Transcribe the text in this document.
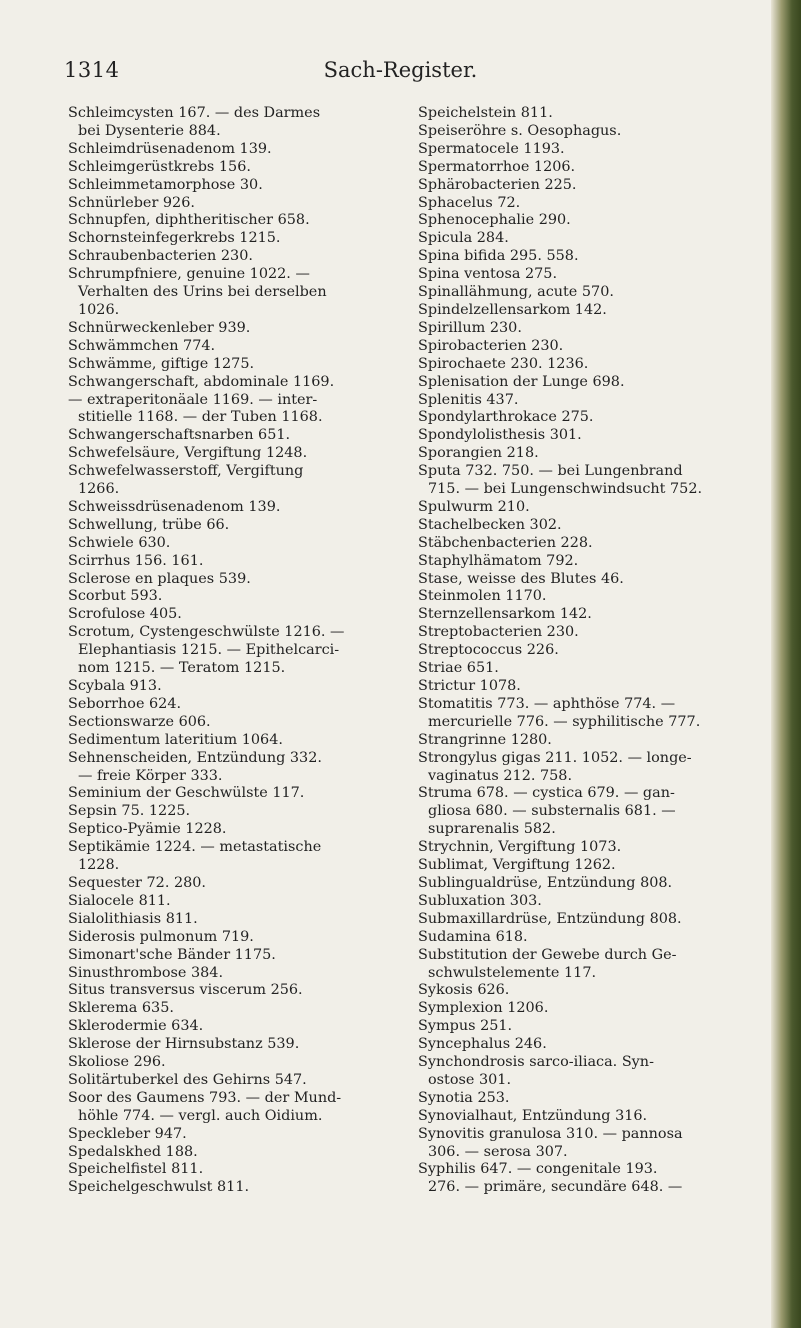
1314	Sach-Register.
Schleimcysten 167. — des Darmes
bei Dysenterie 884.
Schleimdrüsenadenom 139.
Schleimgerüstkrebs 156.
Schleimmetamorphose 30.
Schnürleber 926.
Schnupfen, diphtheritischer 658.
Schornsteinfegerkrebs 1215.
Schraubenbacterien 230.
Schrumpfniere, genuine 1022. —
Verhalten des Urins bei derselben
1026.
Schnürweckenleber 939.
Schwämmchen 774.
Schwämme, giftige 1275.
Schwangerschaft, abdominale 1169.
— extraperitonäale 1169. — inter-
stitielle 1168. — der Tuben 1168.
Schwangerschaftsnarben 651.
Schwefelsäure, Vergiftung 1248.
Schwefelwasserstoff, Vergiftung
1266.
Schweissdrüsenadenom 139.
Schwellung, trübe 66.
Schwiele 630.
Scirrhus 156. 161.
Sclerose en plaques 539.
Scorbut 593.
Scrofulose 405.
Scrotum, Cystengeschwülste 1216. —
Elephantiasis 1215. — Epithelcarci-
nom 1215. — Teratom 1215.
Scybala 913.
Seborrhoe 624.
Sectionswarze 606.
Sedimentum lateritium 1064.
Sehnenscheiden, Entzündung 332.
— freie Körper 333.
Seminium der Geschwülste 117.
Sepsin 75. 1225.
Septico-Pyämie 1228.
Septikämie 1224. — metastatische
1228.
Sequester 72. 280.
Sialocele 811.
Sialolithiasis 811.
Siderosis pulmonum 719.
Simonart'sche Bänder 1175.
Sinusthrombose 384.
Situs transversus viscerum 256.
Sklerema 635.
Sklerodermie 634.
Sklerose der Hirnsubstanz 539.
Skoliose 296.
Solitärtuberkel des Gehirns 547.
Soor des Gaumens 793. — der Mund-
höhle 774. — vergl. auch Oidium.
Speckleber 947.
Spedalskhed 188.
Speichelfistel 811.
Speichelgeschwulst 811.
Speichelstein 811.
Speiseröhre s. Oesophagus.
Spermatocele 1193.
Spermatorrhoe 1206.
Sphärobacterien 225.
Sphacelus 72.
Sphenocephalie 290.
Spicula 284.
Spina bifida 295. 558.
Spina ventosa 275.
Spinallähmung, acute 570.
Spindelzellensarkom 142.
Spirillum 230.
Spirobacterien 230.
Spirochaete 230. 1236.
Splenisation der Lunge 698.
Splenitis 437.
Spondylarthrokace 275.
Spondylolisthesis 301.
Sporangien 218.
Sputa 732. 750. — bei Lungenbrand
715. — bei Lungenschwindsucht 752.
Spulwurm 210.
Stachelbecken 302.
Stäbchenbacterien 228.
Staphylhämatom 792.
Stase, weisse des Blutes 46.
Steinmolen 1170.
Sternzellensarkom 142.
Streptobacterien 230.
Streptococcus 226.
Striae 651.
Strictur 1078.
Stomatitis 773. — aphthöse 774. —
mercurielle 776. — syphilitische 777.
Strangrinne 1280.
Strongylus gigas 211. 1052. — longe-
vaginatus 212. 758.
Struma 678. — cystica 679. — gan-
gliosa 680. — substernalis 681. —
suprarenalis 582.
Strychnin, Vergiftung 1073.
Sublimat, Vergiftung 1262.
Sublingualdrüse, Entzündung 808.
Subluxation 303.
Submaxillardrüse, Entzündung 808.
Sudamina 618.
Substitution der Gewebe durch Ge-
schwulstelemente 117.
Sykosis 626.
Symplexion 1206.
Sympus 251.
Syncephalus 246.
Synchondrosis sarco-iliaca. Syn-
ostose 301.
Synotia 253.
Synovialhaut, Entzündung 316.
Synovitis granulosa 310. — pannosa
306. — serosa 307.
Syphilis 647. — congenitale 193.
276. — primäre, secundäre 648. —
